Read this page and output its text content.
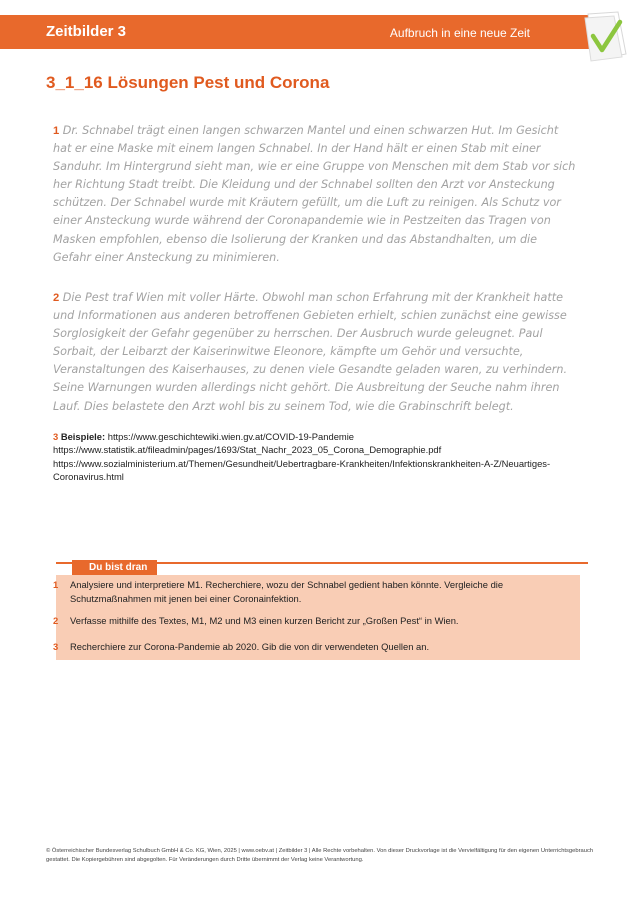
Zeitbilder 3	Aufbruch in eine neue Zeit
3_1_16 Lösungen Pest und Corona

1 Dr. Schnabel trägt einen langen schwarzen Mantel und einen schwarzen Hut. Im Gesicht hat er eine Maske mit einem langen Schnabel. In der Hand hält er einen Stab mit einer Sanduhr. Im Hintergrund sieht man, wie er eine Gruppe von Menschen mit dem Stab vor sich her Richtung Stadt treibt. Die Kleidung und der Schnabel sollten den Arzt vor Ansteckung schützen. Der Schnabel wurde mit Kräutern gefüllt, um die Luft zu reinigen. Als Schutz vor einer Ansteckung wurde während der Coronapandemie wie in Pestzeiten das Tragen von Masken empfohlen, ebenso die Isolierung der Kranken und das Abstandhalten, um die Gefahr einer Ansteckung zu minimieren.

2 Die Pest traf Wien mit voller Härte. Obwohl man schon Erfahrung mit der Krankheit hatte und Informationen aus anderen betroffenen Gebieten erhielt, schien zunächst eine gewisse Sorglosigkeit der Gefahr gegenüber zu herrschen. Der Ausbruch wurde geleugnet. Paul Sorbait, der Leibarzt der Kaiserinwitwe Eleonore, kämpfte um Gehör und versuchte, Veranstaltungen des Kaiserhauses, zu denen viele Gesandte geladen waren, zu verhindern. Seine Warnungen wurden allerdings nicht gehört. Die Ausbreitung der Seuche nahm ihren Lauf. Dies belastete den Arzt wohl bis zu seinem Tod, wie die Grabinschrift belegt.

3 Beispiele: https://www.geschichtewiki.wien.gv.at/COVID-19-Pandemie
https://www.statistik.at/fileadmin/pages/1693/Stat_Nachr_2023_05_Corona_Demographie.pdf
https://www.sozialministerium.at/Themen/Gesundheit/Uebertragbare-Krankheiten/Infektionskrankheiten-A-Z/Neuartiges-Coronavirus.html
Du bist dran
1 Analysiere und interpretiere M1. Recherchiere, wozu der Schnabel gedient haben könnte. Vergleiche die Schutzmaßnahmen mit jenen bei einer Coronainfektion.
2 Verfasse mithilfe des Textes, M1, M2 und M3 einen kurzen Bericht zur „Großen Pest“ in Wien.
3 Recherchiere zur Corona-Pandemie ab 2020. Gib die von dir verwendeten Quellen an.
© Österreichischer Bundesverlag Schulbuch GmbH & Co. KG, Wien, 2025 | www.oebv.at | Zeitbilder 3 | Alle Rechte vorbehalten. Von dieser Druckvorlage ist die Vervielfältigung für den eigenen Unterrichtsgebrauch gestattet. Die Kopiergebühren sind abgegolten. Für Veränderungen durch Dritte übernimmt der Verlag keine Verantwortung.
